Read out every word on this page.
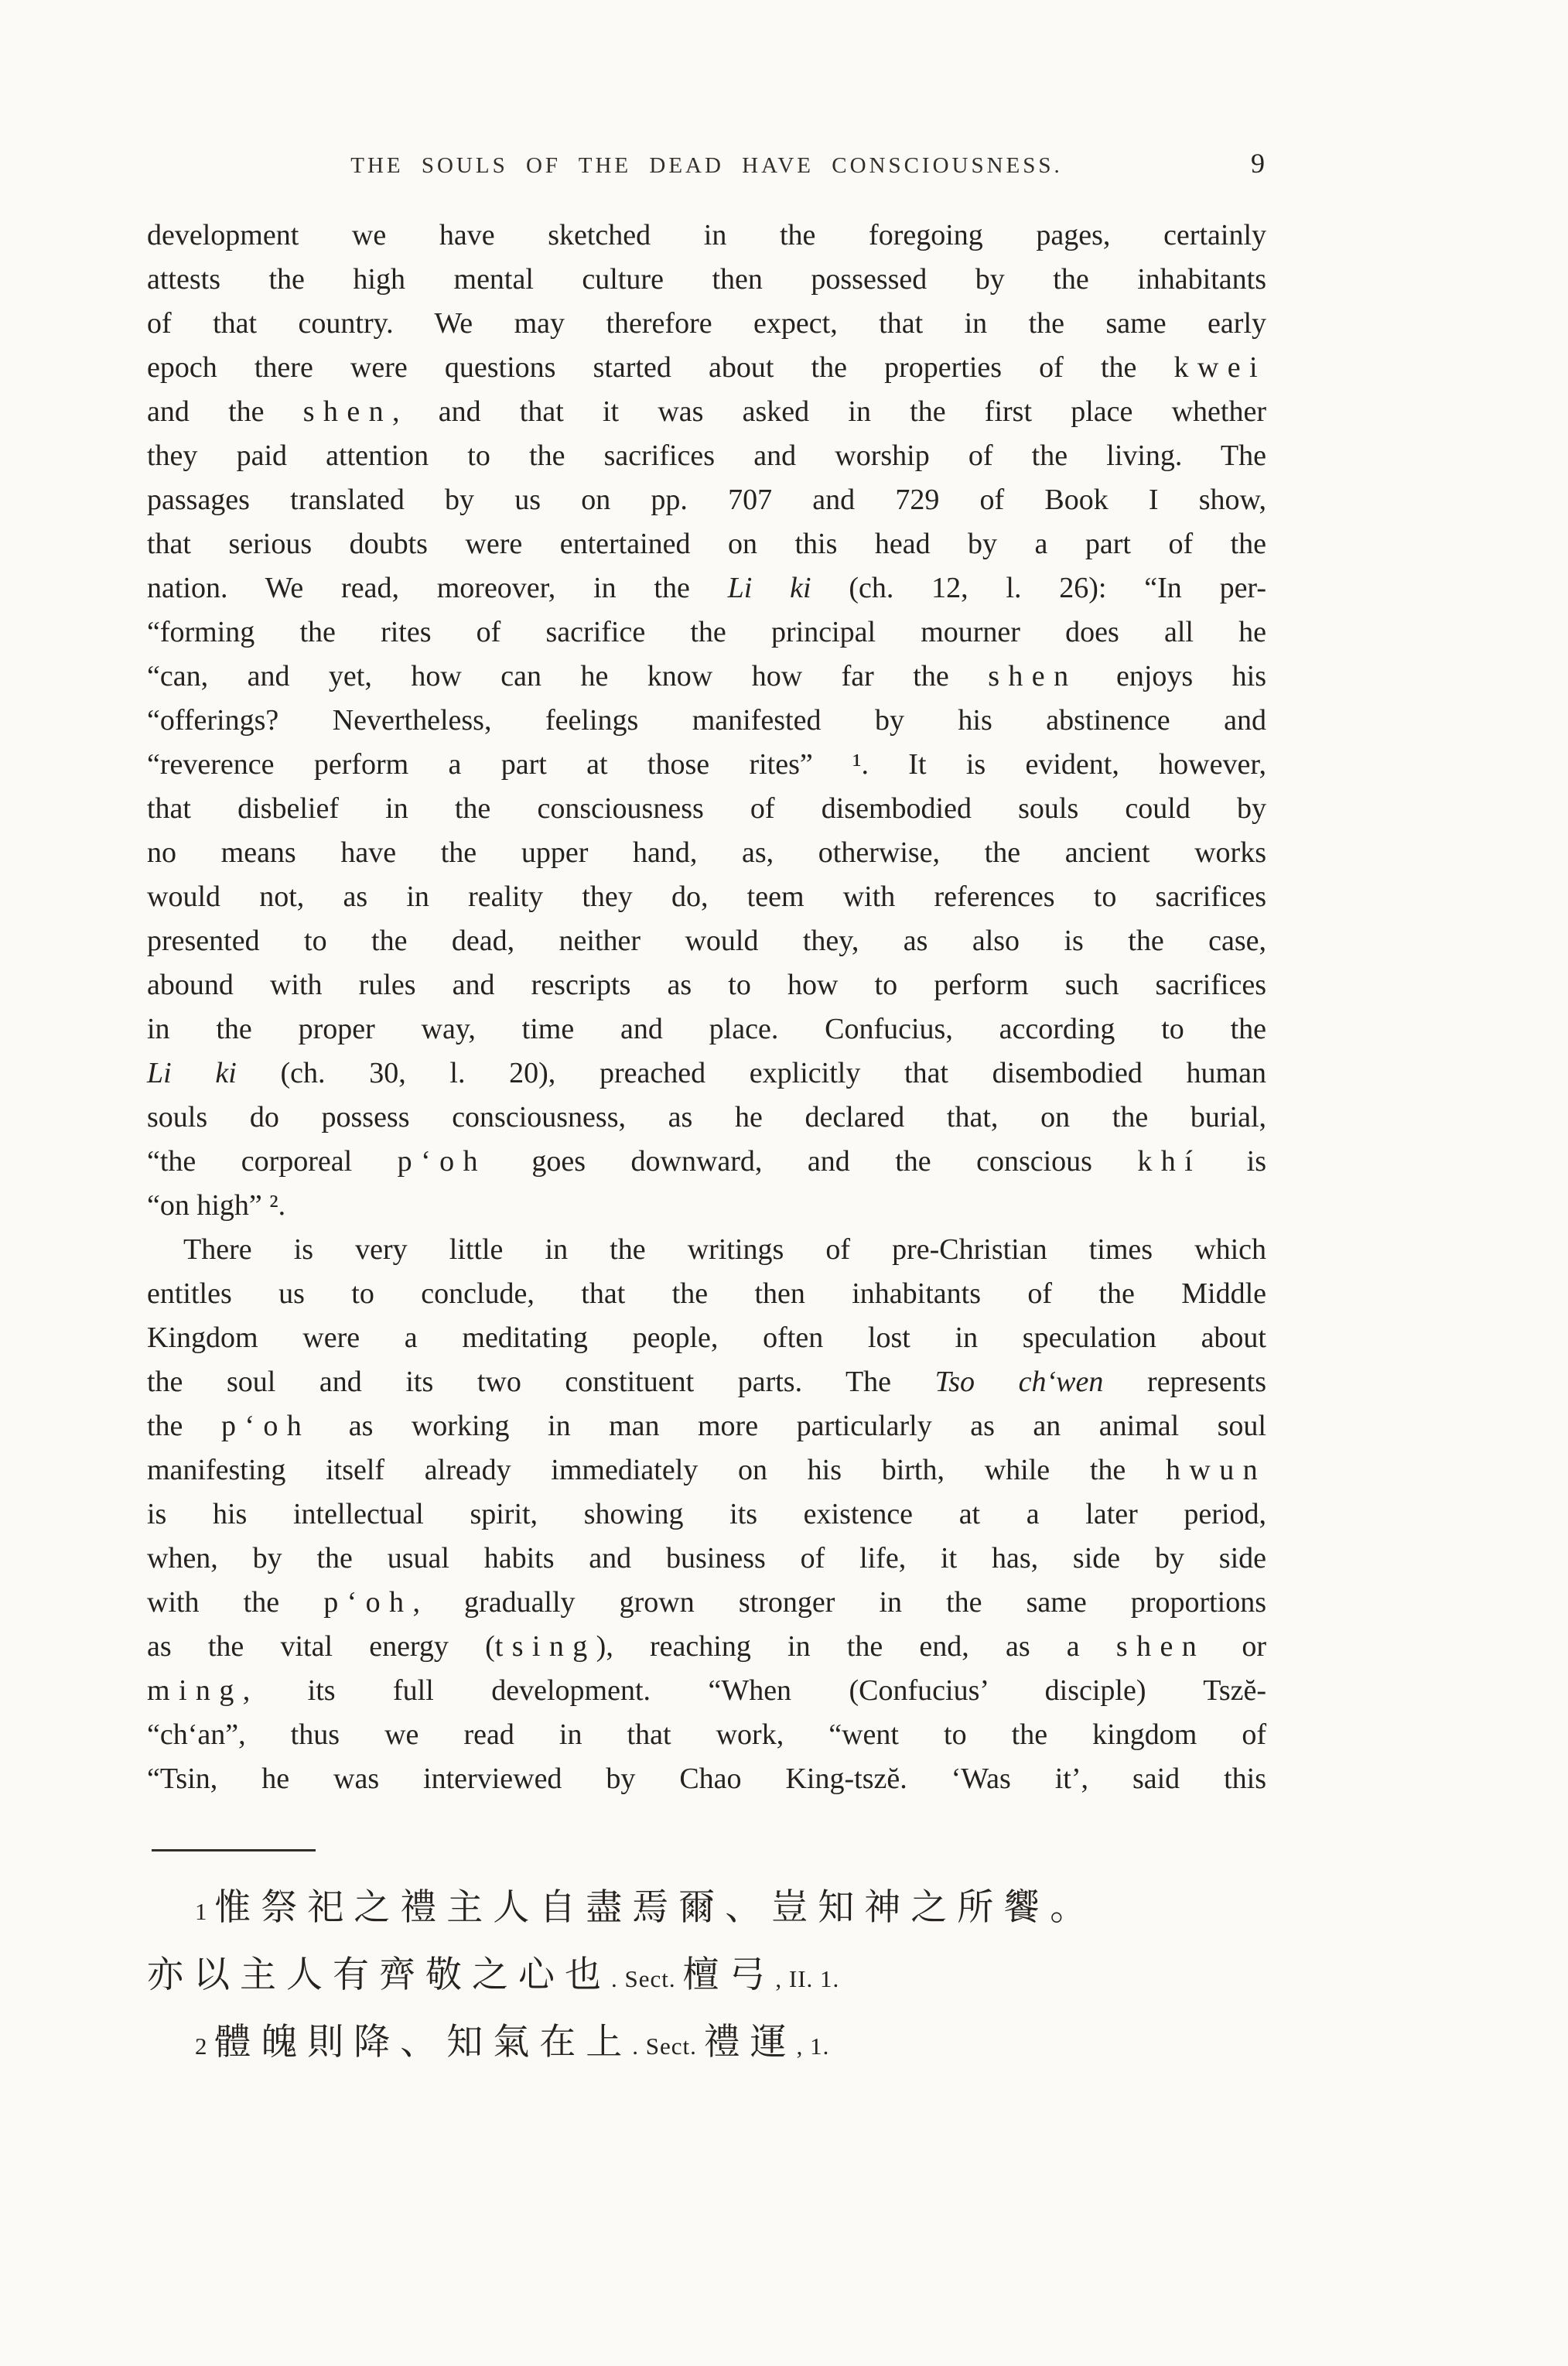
THE SOULS OF THE DEAD HAVE CONSCIOUSNESS.	9
development we have sketched in the foregoing pages, certainly
attests the high mental culture then possessed by the inhabitants
of that country. We may therefore expect, that in the same early
epoch there were questions started about the properties of the kwei
and the shen, and that it was asked in the first place whether
they paid attention to the sacrifices and worship of the living. The
passages translated by us on pp. 707 and 729 of Book I show,
that serious doubts were entertained on this head by a part of the
nation. We read, moreover, in the Li ki (ch. 12, l. 26): “In per-
“forming the rites of sacrifice the principal mourner does all he
“can, and yet, how can he know how far the shen enjoys his
“offerings? Nevertheless, feelings manifested by his abstinence and
“reverence perform a part at those rites” ¹. It is evident, however,
that disbelief in the consciousness of disembodied souls could by
no means have the upper hand, as, otherwise, the ancient works
would not, as in reality they do, teem with references to sacrifices
presented to the dead, neither would they, as also is the case,
abound with rules and rescripts as to how to perform such sacrifices
in the proper way, time and place. Confucius, according to the
Li ki (ch. 30, l. 20), preached explicitly that disembodied human
souls do possess consciousness, as he declared that, on the burial,
“the corporeal p‘oh goes downward, and the conscious khí is
“on high” ².
There is very little in the writings of pre-Christian times which
entitles us to conclude, that the then inhabitants of the Middle
Kingdom were a meditating people, often lost in speculation about
the soul and its two constituent parts. The Tso ch‘wen represents
the p‘oh as working in man more particularly as an animal soul
manifesting itself already immediately on his birth, while the hwun
is his intellectual spirit, showing its existence at a later period,
when, by the usual habits and business of life, it has, side by side
with the p‘oh, gradually grown stronger in the same proportions
as the vital energy (tsing), reaching in the end, as a shen or
ming, its full development. “When (Confucius’ disciple) Tszĕ-
“ch‘an”, thus we read in that work, “went to the kingdom of
“Tsin, he was interviewed by Chao King-tszĕ. ‘Was it’, said this
1 惟祭祀之禮主人自盡焉爾、豈知神之所饗。
亦以主人有齊敬之心也. Sect. 檀弓, II. 1.
2 體魄則降、知氣在上. Sect. 禮運, 1.
